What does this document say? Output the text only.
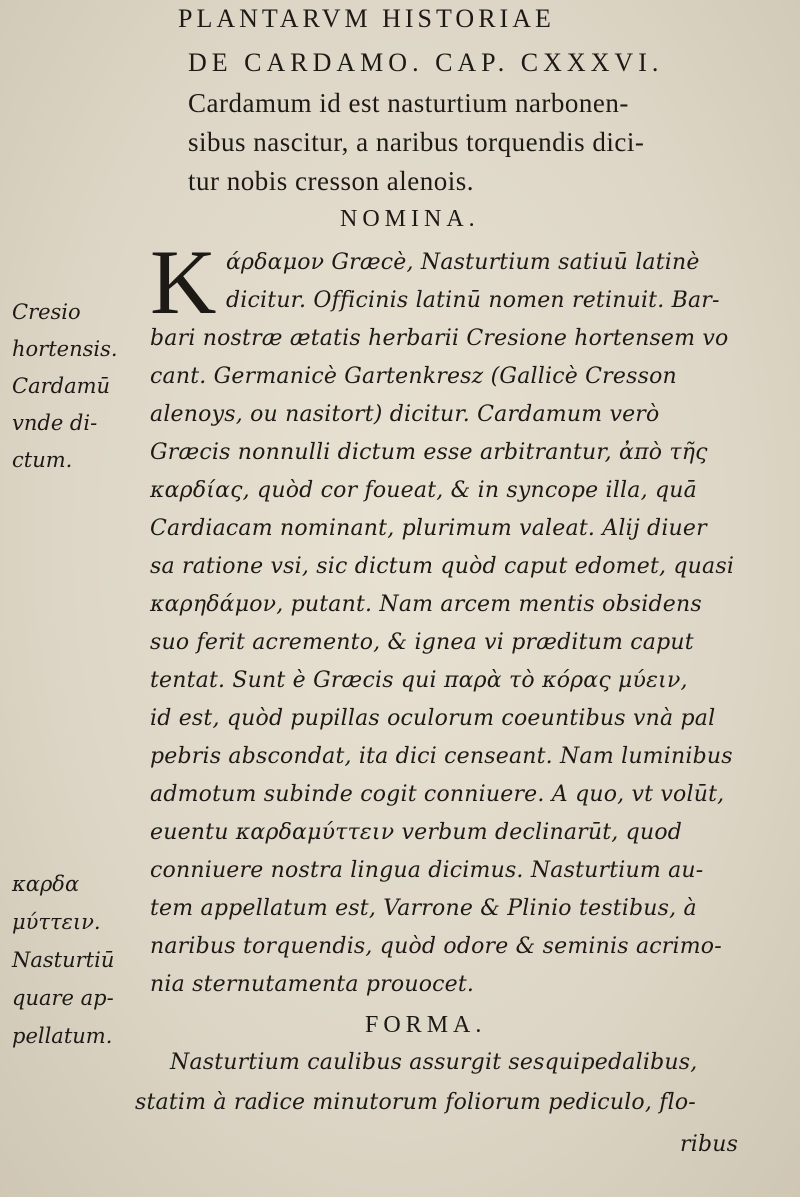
PLANTARVM HISTORIAE
DE CARDAMO. CAP. CXXXVI.
Cardamum id est nasturtium narbonen-
sibus nascitur, a naribus torquendis dici-
tur nobis cresson alenois.
NOMINA.
K άρδαμον Græcè, Nasturtium satiuū latinè
dicitur. Officinis latinū nomen retinuit. Bar-
bari nostræ ætatis herbarii Cresione hortensem vo
cant. Germanicè Gartenkresz (Gallicè Cresson
alenoys, ou nasitort) dicitur. Cardamum verò
Græcis nonnulli dictum esse arbitrantur, ἀπὸ τῆς
καρδίας, quòd cor foueat, & in syncope illa, quā
Cardiacam nominant, plurimum valeat. Alij diuer
sa ratione vsi, sic dictum quòd caput edomet, quasi
καρηδάμον, putant. Nam arcem mentis obsidens
suo ferit acremento, & ignea vi præditum caput
tentat. Sunt è Græcis qui παρὰ τὸ κόρας μύειν,
id est, quòd pupillas oculorum coeuntibus vnà pal
pebris abscondat, ita dici censeant. Nam luminibus
admotum subinde cogit conniuere. A quo, vt volūt,
euentu καρδαμύττειν verbum declinarūt, quod
conniuere nostra lingua dicimus. Nasturtium au-
tem appellatum est, Varrone & Plinio testibus, à
naribus torquendis, quòd odore & seminis acrimo-
nia sternutamenta prouocet.
FORMA.
Nasturtium caulibus assurgit sesquipedalibus,
statim à radice minutorum foliorum pediculo, flo-
ribus
Cresio
hortensis.
Cardamū
vnde di-
ctum.
καρδα
μύττειν.
Nasturtiū
quare ap-
pellatum.
